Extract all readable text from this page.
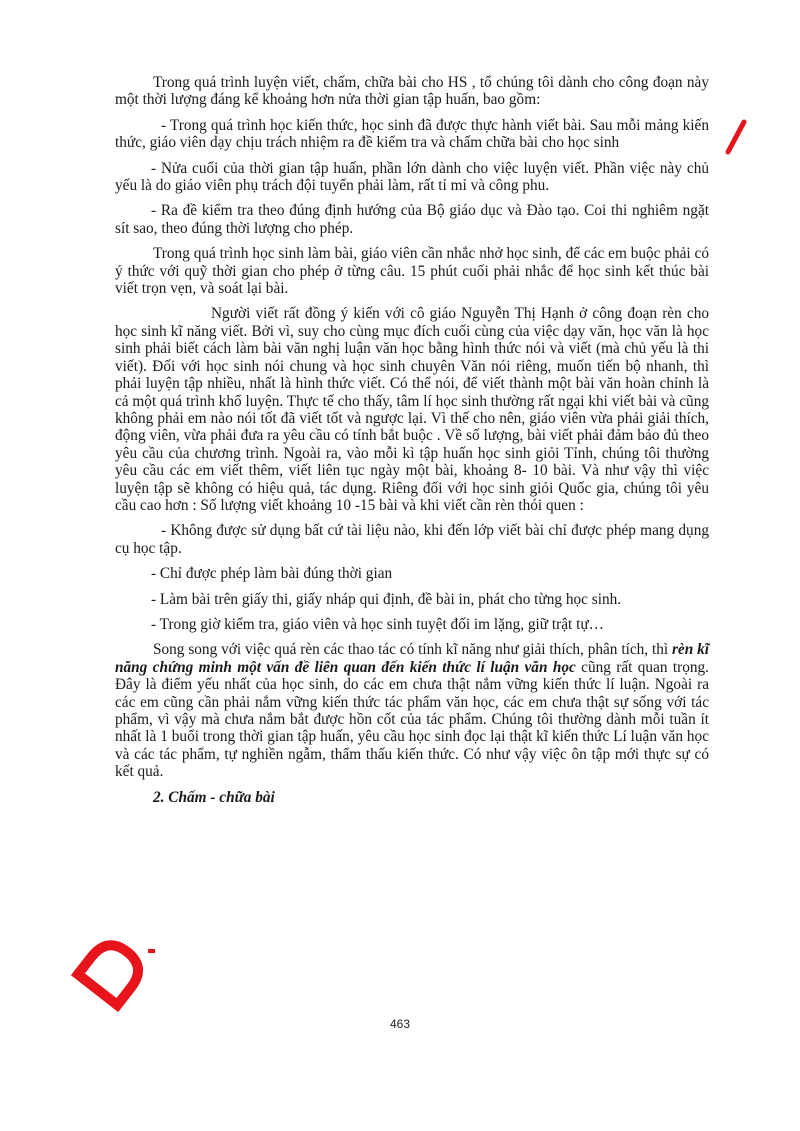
Trong quá trình luyện viết, chấm, chữa bài cho HS , tổ chúng tôi dành cho công đoạn này một thời lượng đáng kể khoảng hơn nửa thời gian tập huấn, bao gồm:

- Trong quá trình học kiến thức, học sinh đã được thực hành viết bài. Sau mỗi mảng kiến thức, giáo viên dạy chịu trách nhiệm ra đề kiểm tra và chấm chữa bài cho học sinh

- Nửa cuối của thời gian tập huấn, phần lớn dành cho việc luyện viết. Phần việc này chủ yếu là do giáo viên phụ trách đội tuyển phải làm, rất tỉ mỉ và công phu.

- Ra đề kiểm tra theo đúng định hướng của Bộ giáo dục và Đào tạo. Coi thi nghiêm ngặt sít sao, theo đúng thời lượng cho phép.

Trong quá trình học sinh làm bài, giáo viên cần nhắc nhở học sinh, để các em buộc phải có ý thức với quỹ thời gian cho phép ở từng câu. 15 phút cuối phải nhắc để học sinh kết thúc bài viết trọn vẹn, và soát lại bài.

Người viết rất đồng ý kiến với cô giáo Nguyễn Thị Hạnh ở công đoạn rèn cho học sinh kĩ năng viết. Bởi vì, suy cho cùng mục đích cuối cùng của việc dạy văn, học văn là học sinh phải biết cách làm bài văn nghị luận văn học bằng hình thức nói và viết (mà chủ yếu là thi viết). Đối với học sinh nói chung và học sinh chuyên Văn nói riêng, muốn tiến bộ nhanh, thì phải luyện tập nhiều, nhất là hình thức viết. Có thể nói, để viết thành một bài văn hoàn chỉnh là cả một quá trình khổ luyện. Thực tế cho thấy, tâm lí học sinh thường rất ngại khi viết bài và cũng không phải em nào nói tốt đã viết tốt và ngược lại. Vì thế cho nên, giáo viên vừa phải giải thích, động viên, vừa phải đưa ra yêu cầu có tính bắt buộc . Về số lượng, bài viết phải đảm bảo đủ theo yêu cầu của chương trình. Ngoài ra, vào mỗi kì tập huấn học sinh giỏi Tỉnh, chúng tôi thường yêu cầu các em viết thêm, viết liên tục ngày một bài, khoảng 8- 10 bài. Và như vậy thì việc luyện tập sẽ không có hiệu quả, tác dụng. Riêng đối với học sinh giỏi Quốc gia, chúng tôi yêu cầu cao hơn : Số lượng viết khoảng 10 -15 bài và khi viết cần rèn thói quen :

- Không được sử dụng bất cứ tài liệu nào, khi đến lớp viết bài chỉ được phép mang dụng cụ học tập.

- Chỉ được phép làm bài đúng thời gian

- Làm bài trên giấy thi, giấy nháp qui định, đề bài in, phát cho từng học sinh.

- Trong giờ kiểm tra, giáo viên và học sinh tuyệt đối im lặng, giữ trật tự…

Song song với việc quá rèn các thao tác có tính kĩ năng như giải thích, phân tích, thì rèn kĩ năng chứng minh một vấn đề liên quan đến kiến thức lí luận văn học cũng rất quan trọng. Đây là điểm yếu nhất của học sinh, do các em chưa thật nắm vững kiến thức lí luận. Ngoài ra các em cũng cần phải nắm vững kiến thức tác phẩm văn học, các em chưa thật sự sống với tác phẩm, vì vậy mà chưa nắm bắt được hồn cốt của tác phẩm. Chúng tôi thường dành mỗi tuần ít nhất là 1 buổi trong thời gian tập huấn, yêu cầu học sinh đọc lại thật kĩ kiến thức Lí luận văn học và các tác phẩm, tự nghiền ngẫm, thẩm thấu kiến thức. Có như vậy việc ôn tập mới thực sự có kết quả.

2. Chấm - chữa bài

463
